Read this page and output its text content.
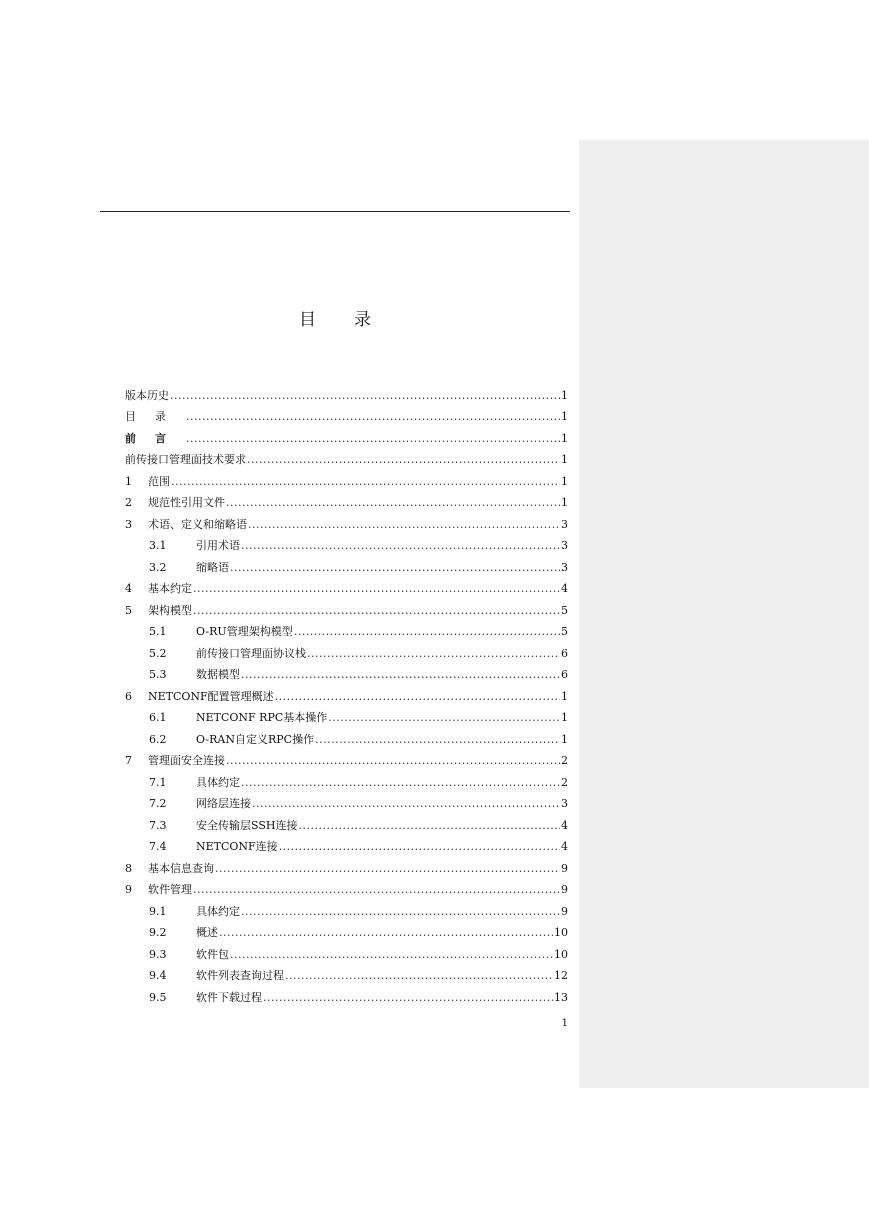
目 录
版本历史 .....	1
目录 .....	1
前言 .....	1
前传接口管理面技术要求 .....	1
1	范围 .....	1
2	规范性引用文件 .....	1
3	术语、定义和缩略语 .....	3
3.1	引用术语 .....	3
3.2	缩略语 .....	3
4	基本约定 .....	4
5	架构模型 .....	5
5.1	O-RU管理架构模型 .....	5
5.2	前传接口管理面协议栈 .....	6
5.3	数据模型 .....	6
6	NETCONF配置管理概述 .....	1
6.1	NETCONF RPC基本操作 .....	1
6.2	O-RAN自定义RPC操作 .....	1
7	管理面安全连接 .....	2
7.1	具体约定 .....	2
7.2	网络层连接 .....	3
7.3	安全传输层SSH连接 .....	4
7.4	NETCONF连接 .....	4
8	基本信息查询 .....	9
9	软件管理 .....	9
9.1	具体约定 .....	9
9.2	概述 .....	10
9.3	软件包 .....	10
9.4	软件列表查询过程 .....	12
9.5	软件下载过程 .....	13
1
